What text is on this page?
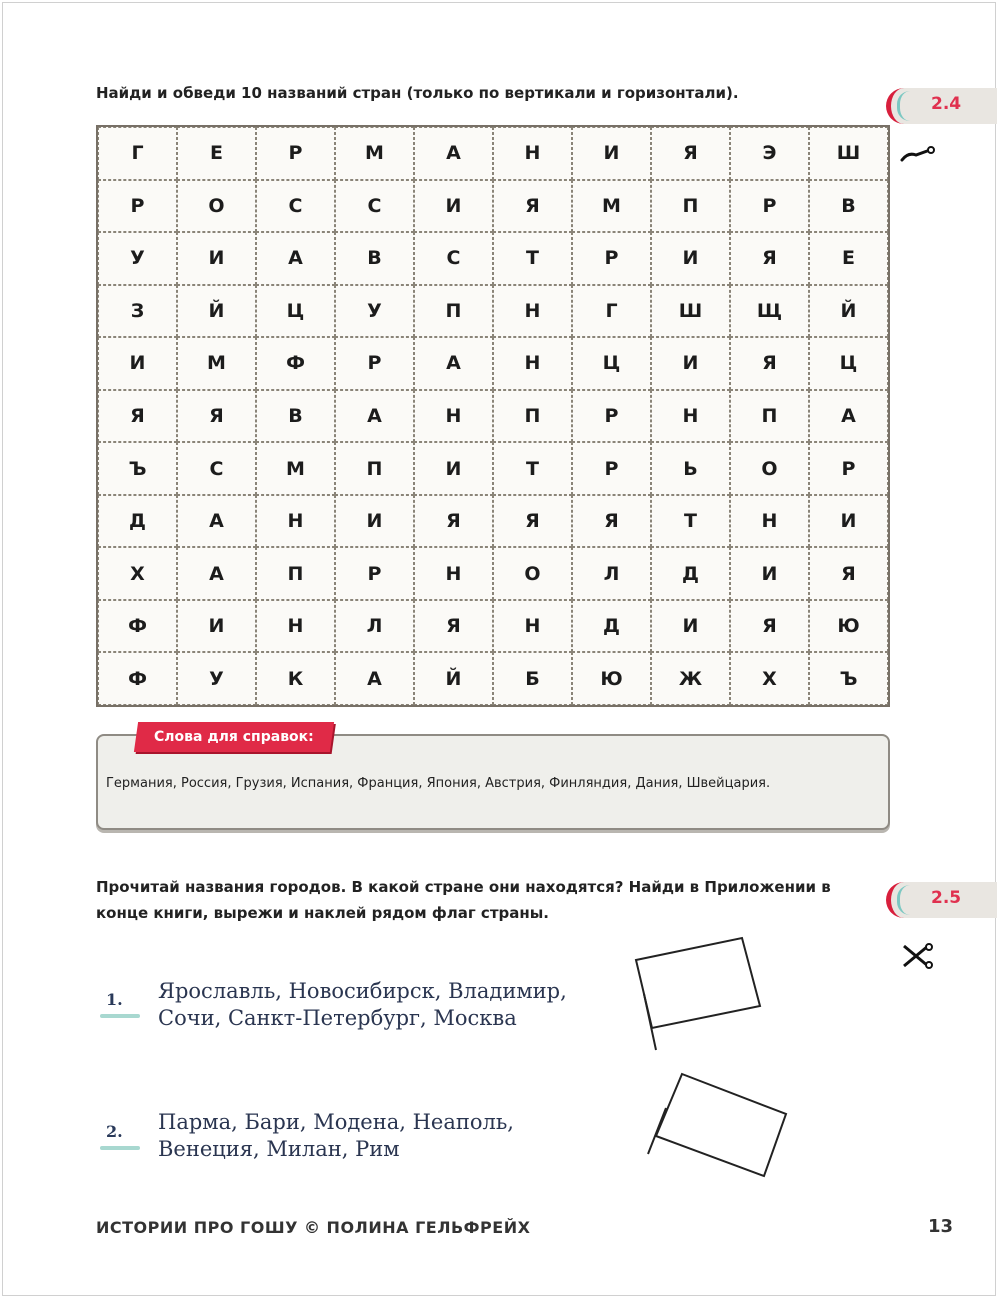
Найди и обведи 10 названий стран (только по вертикали и горизонтали).
2.4
Г	Е	Р	М	А	Н	И	Я	Э	Ш
Р	О	С	С	И	Я	М	П	Р	В
У	И	А	В	С	Т	Р	И	Я	Е
З	Й	Ц	У	П	Н	Г	Ш	Щ	Й
И	М	Ф	Р	А	Н	Ц	И	Я	Ц
Я	Я	В	А	Н	П	Р	Н	П	А
Ъ	С	М	П	И	Т	Р	Ь	О	Р
Д	А	Н	И	Я	Я	Я	Т	Н	И
Х	А	П	Р	Н	О	Л	Д	И	Я
Ф	И	Н	Л	Я	Н	Д	И	Я	Ю
Ф	У	К	А	Й	Б	Ю	Ж	Х	Ъ
Слова для справок:
Германия, Россия, Грузия, Испания, Франция, Япония, Австрия, Финляндия, Дания, Швейцария.
Прочитай названия городов. В какой стране они находятся? Найди в Приложении в конце книги, вырежи и наклей рядом флаг страны.
2.5
1. Ярославль, Новосибирск, Владимир, Сочи, Санкт-Петербург, Москва
2. Парма, Бари, Модена, Неаполь, Венеция, Милан, Рим
ИСТОРИИ ПРО ГОШУ © ПОЛИНА ГЕЛЬФРЕЙХ	13
